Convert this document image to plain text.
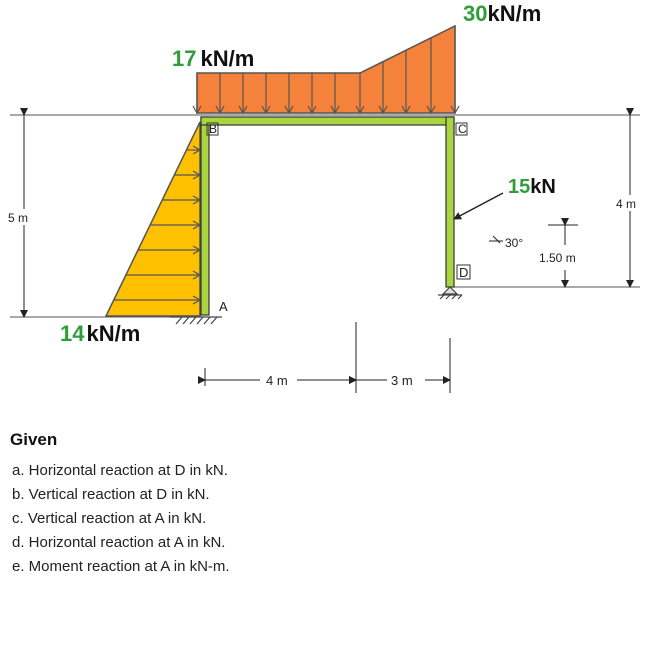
B	C
D
A
17 kN/m
30kN/m
14kN/m
15kN
30°
5 m
4 m
1.50 m
4 m	3 m
Given
a. Horizontal reaction at D in kN.
b. Vertical reaction at D in kN.
c. Vertical reaction at A in kN.
d. Horizontal reaction at A in kN.
e. Moment reaction at A in kN-m.
